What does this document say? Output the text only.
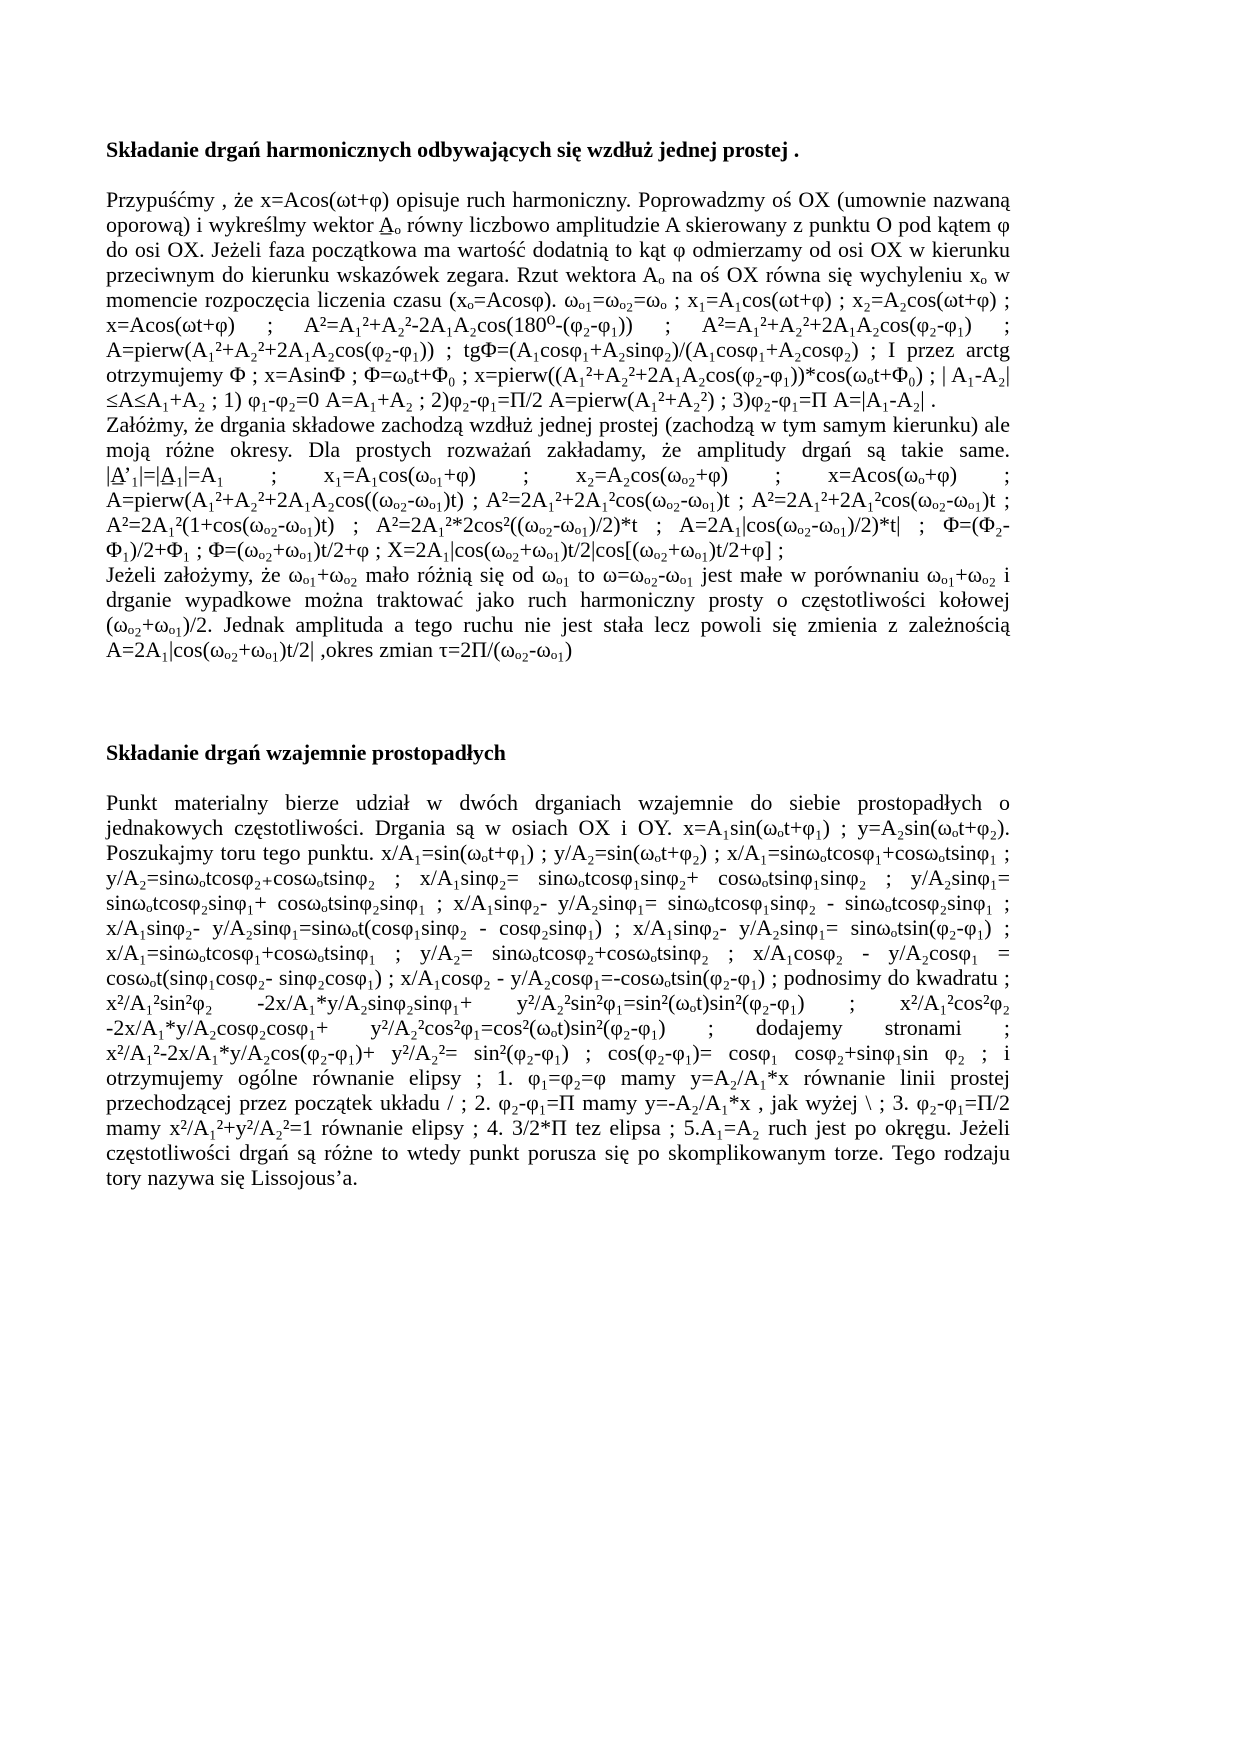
Składanie drgań harmonicznych odbywających się wzdłuż jednej prostej .

Przypuśćmy , że x=Acos(ωt+φ) opisuje ruch harmoniczny. Poprowadzmy oś OX (umownie nazwaną oporową) i wykreślmy wektor A̲ₒ równy liczbowo amplitudzie A skierowany z punktu O pod kątem φ do osi OX. Jeżeli faza początkowa ma wartość dodatnią to kąt φ odmierzamy od osi OX w kierunku przeciwnym do kierunku wskazówek zegara. Rzut wektora Aₒ na oś OX równa się wychyleniu xₒ w momencie rozpoczęcia liczenia czasu (xₒ=Acosφ). ωₒ₁=ωₒ₂=ωₒ ; x₁=A₁cos(ωt+φ) ; x₂=A₂cos(ωt+φ) ; x=Acos(ωt+φ) ; A²=A₁²+A₂²-2A₁A₂cos(180⁰-(φ₂-φ₁)) ; A²=A₁²+A₂²+2A₁A₂cos(φ₂-φ₁) ; A=pierw(A₁²+A₂²+2A₁A₂cos(φ₂-φ₁)) ; tgΦ=(A₁cosφ₁+A₂sinφ₂)/(A₁cosφ₁+A₂cosφ₂) ; I przez arctg otrzymujemy Φ ; x=AsinΦ ; Φ=ωₒt+Φ₀ ; x=pierw((A₁²+A₂²+2A₁A₂cos(φ₂-φ₁))*cos(ωₒt+Φ₀) ; | A₁-A₂|≤A≤A₁+A₂ ; 1) φ₁-φ₂=0 A=A₁+A₂ ; 2)φ₂-φ₁=Π/2 A=pierw(A₁²+A₂²) ; 3)φ₂-φ₁=Π A=|A₁-A₂| .

Załóżmy, że drgania składowe zachodzą wzdłuż jednej prostej (zachodzą w tym samym kierunku) ale moją różne okresy. Dla prostych rozważań zakładamy, że amplitudy drgań są takie same. |A̲’₁|=|A̲₁|=A₁ ; x₁=A₁cos(ωₒ₁+φ) ; x₂=A₂cos(ωₒ₂+φ) ; x=Acos(ωₒ+φ) ; A=pierw(A₁²+A₂²+2A₁A₂cos((ωₒ₂-ωₒ₁)t) ; A²=2A₁²+2A₁²cos(ωₒ₂-ωₒ₁)t ; A²=2A₁²+2A₁²cos(ωₒ₂-ωₒ₁)t ; A²=2A₁²(1+cos(ωₒ₂-ωₒ₁)t) ; A²=2A₁²*2cos²((ωₒ₂-ωₒ₁)/2)*t ; A=2A₁|cos(ωₒ₂-ωₒ₁)/2)*t| ; Φ=(Φ₂-Φ₁)/2+Φ₁ ; Φ=(ωₒ₂+ωₒ₁)t/2+φ ; X=2A₁|cos(ωₒ₂+ωₒ₁)t/2|cos[(ωₒ₂+ωₒ₁)t/2+φ] ;

Jeżeli założymy, że ωₒ₁+ωₒ₂ mało różnią się od ωₒ₁ to ω=ωₒ₂-ωₒ₁ jest małe w porównaniu ωₒ₁+ωₒ₂ i drganie wypadkowe można traktować jako ruch harmoniczny prosty o częstotliwości kołowej (ωₒ₂+ωₒ₁)/2. Jednak amplituda a tego ruchu nie jest stała lecz powoli się zmienia z zależnością A=2A₁|cos(ωₒ₂+ωₒ₁)t/2| ,okres zmian τ=2Π/(ωₒ₂-ωₒ₁)

Składanie drgań wzajemnie prostopadłych

Punkt materialny bierze udział w dwóch drganiach wzajemnie do siebie prostopadłych o jednakowych częstotliwości. Drgania są w osiach OX i OY. x=A₁sin(ωₒt+φ₁) ; y=A₂sin(ωₒt+φ₂). Poszukajmy toru tego punktu. x/A₁=sin(ωₒt+φ₁) ; y/A₂=sin(ωₒt+φ₂) ; x/A₁=sinωₒtcosφ₁+cosωₒtsinφ₁ ; y/A₂=sinωₒtcosφ₂₊cosωₒtsinφ₂ ; x/A₁sinφ₂= sinωₒtcosφ₁sinφ₂+ cosωₒtsinφ₁sinφ₂ ; y/A₂sinφ₁= sinωₒtcosφ₂sinφ₁+ cosωₒtsinφ₂sinφ₁ ; x/A₁sinφ₂- y/A₂sinφ₁= sinωₒtcosφ₁sinφ₂ - sinωₒtcosφ₂sinφ₁ ; x/A₁sinφ₂- y/A₂sinφ₁=sinωₒt(cosφ₁sinφ₂ - cosφ₂sinφ₁) ; x/A₁sinφ₂- y/A₂sinφ₁= sinωₒtsin(φ₂-φ₁) ; x/A₁=sinωₒtcosφ₁+cosωₒtsinφ₁ ; y/A₂= sinωₒtcosφ₂+cosωₒtsinφ₂ ; x/A₁cosφ₂ - y/A₂cosφ₁ = cosωₒt(sinφ₁cosφ₂- sinφ₂cosφ₁) ; x/A₁cosφ₂ - y/A₂cosφ₁=-cosωₒtsin(φ₂-φ₁) ; podnosimy do kwadratu ; x²/A₁²sin²φ₂ -2x/A₁*y/A₂sinφ₂sinφ₁+ y²/A₂²sin²φ₁=sin²(ωₒt)sin²(φ₂-φ₁) ; x²/A₁²cos²φ₂ -2x/A₁*y/A₂cosφ₂cosφ₁+ y²/A₂²cos²φ₁=cos²(ωₒt)sin²(φ₂-φ₁) ; dodajemy stronami ; x²/A₁²-2x/A₁*y/A₂cos(φ₂-φ₁)+ y²/A₂²= sin²(φ₂-φ₁) ; cos(φ₂-φ₁)= cosφ₁ cosφ₂+sinφ₁sin φ₂ ; i otrzymujemy ogólne równanie elipsy ; 1. φ₁=φ₂=φ mamy y=A₂/A₁*x równanie linii prostej przechodzącej przez początek układu / ; 2. φ₂-φ₁=Π mamy y=-A₂/A₁*x , jak wyżej \ ; 3. φ₂-φ₁=Π/2 mamy x²/A₁²+y²/A₂²=1 równanie elipsy ; 4. 3/2*Π tez elipsa ; 5.A₁=A₂ ruch jest po okręgu. Jeżeli częstotliwości drgań są różne to wtedy punkt porusza się po skomplikowanym torze. Tego rodzaju tory nazywa się Lissojous’a.
